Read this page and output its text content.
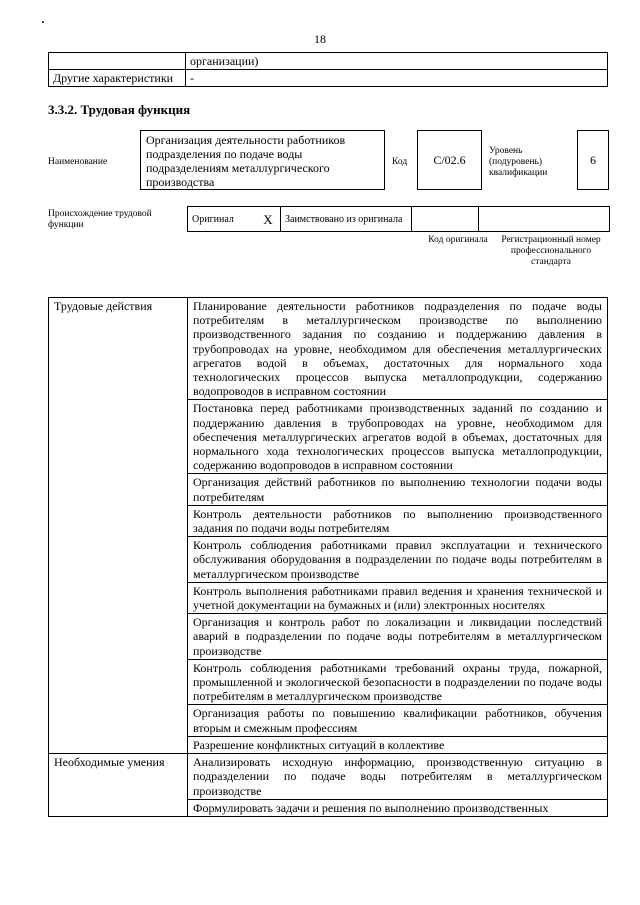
18
	организации)
Другие характеристики	-
3.3.2. Трудовая функция
Наименование
Организация деятельности работников подразделения по подаче воды подразделениям металлургического производства
Код С/02.6
Уровень (подуровень) квалификации
6
Происхождение трудовой функции
Оригинал	X	Заимствовано из оригинала		
Код оригинала	Регистрационный номер профессионального стандарта
Трудовые действия	Планирование деятельности работников подразделения по подаче воды потребителям в металлургическом производстве по выполнению производственного задания по созданию и поддержанию давления в трубопроводах на уровне, необходимом для обеспечения металлургических агрегатов водой в объемах, достаточных для нормального хода технологических процессов выпуска металлопродукции, содержанию водопроводов в исправном состоянии
	Постановка перед работниками производственных заданий по созданию и поддержанию давления в трубопроводах на уровне, необходимом для обеспечения металлургических агрегатов водой в объемах, достаточных для нормального хода технологических процессов выпуска металлопродукции, содержанию водопроводов в исправном состоянии
	Организация действий работников по выполнению технологии подачи воды потребителям
	Контроль деятельности работников по выполнению производственного задания по подачи воды потребителям
	Контроль соблюдения работниками правил эксплуатации и технического обслуживания оборудования в подразделении по подаче воды потребителям в металлургическом производстве
	Контроль выполнения работниками правил ведения и хранения технической и учетной документации на бумажных и (или) электронных носителях
	Организация и контроль работ по локализации и ликвидации последствий аварий в подразделении по подаче воды потребителям в металлургическом производстве
	Контроль соблюдения работниками требований охраны труда, пожарной, промышленной и экологической безопасности в подразделении по подаче воды потребителям в металлургическом производстве
	Организация работы по повышению квалификации работников, обучения вторым и смежным профессиям
	Разрешение конфликтных ситуаций в коллективе
Необходимые умения	Анализировать исходную информацию, производственную ситуацию в подразделении по подаче воды потребителям в металлургическом производстве
	Формулировать задачи и решения по выполнению производственных
